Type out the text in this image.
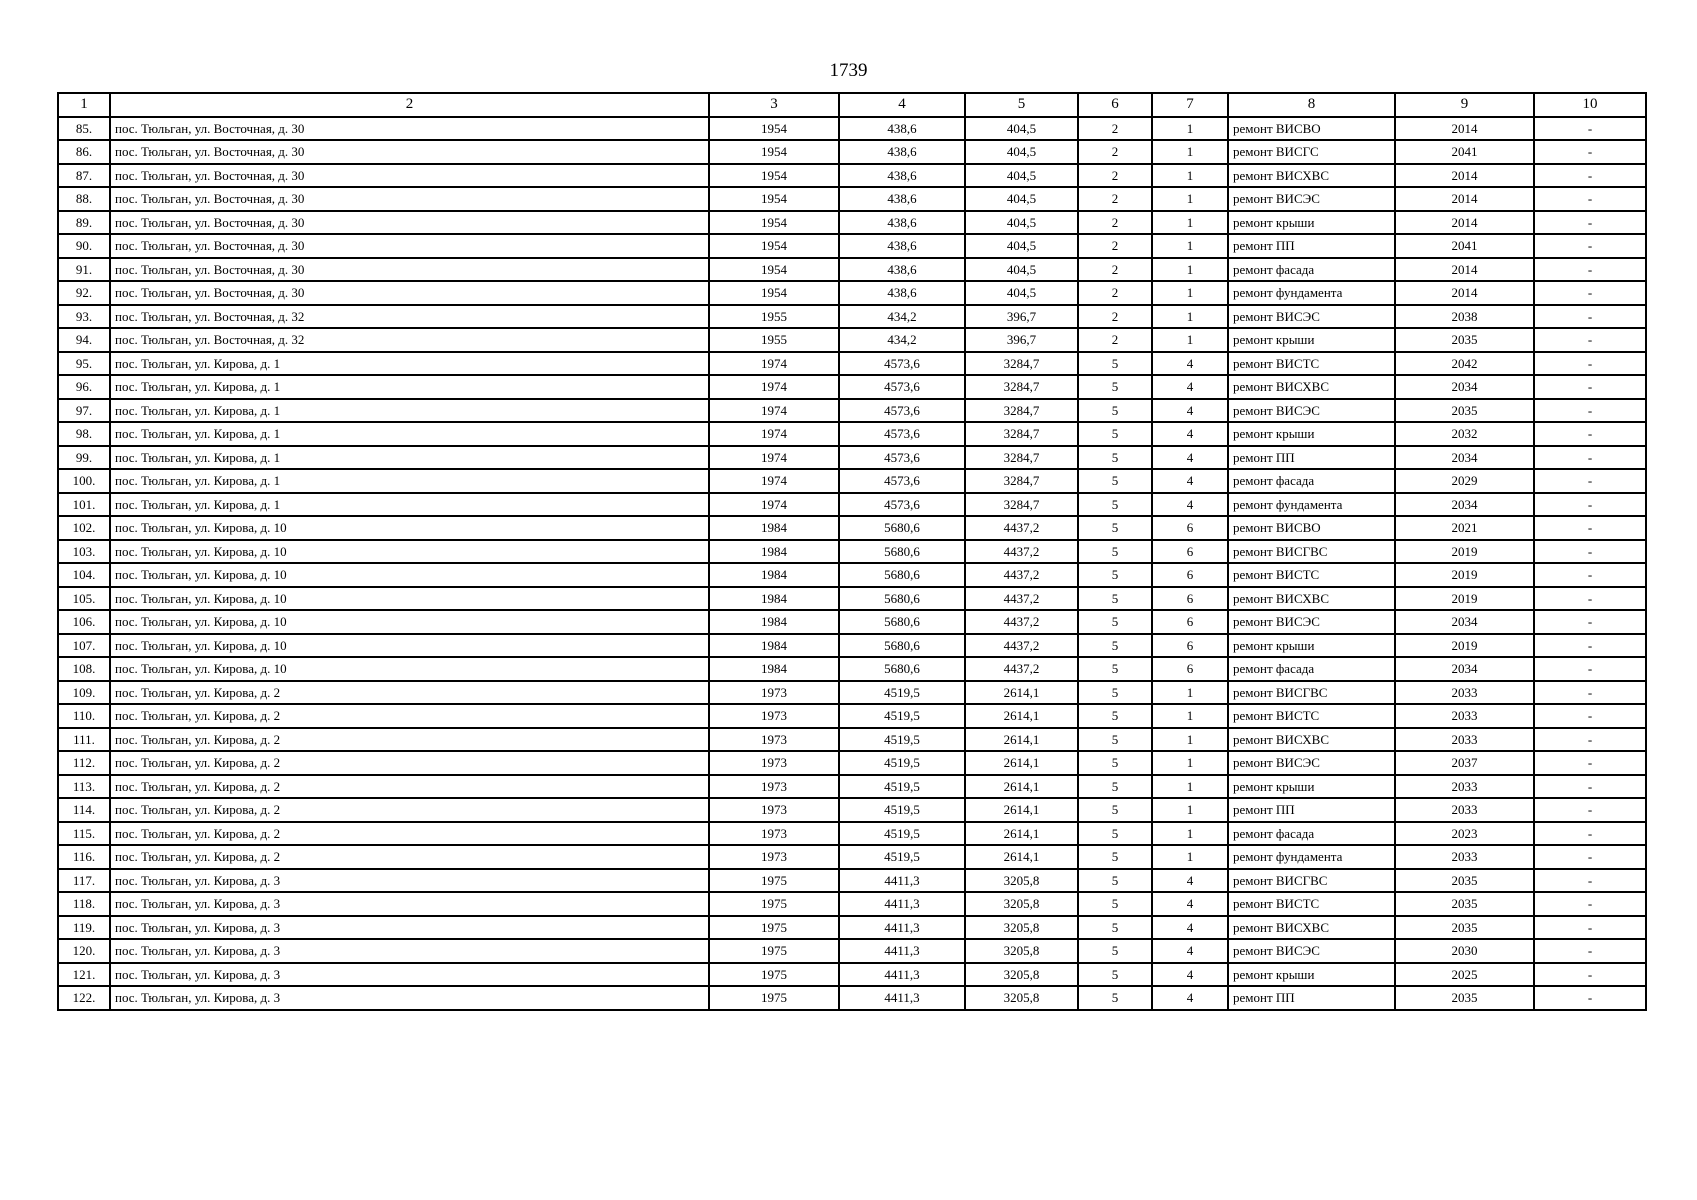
1739
1	2	3	4	5	6	7	8	9	10
85.	пос. Тюльган, ул. Восточная, д. 30	1954	438,6	404,5	2	1	ремонт ВИСВО	2014	-
86.	пос. Тюльган, ул. Восточная, д. 30	1954	438,6	404,5	2	1	ремонт ВИСГС	2041	-
87.	пос. Тюльган, ул. Восточная, д. 30	1954	438,6	404,5	2	1	ремонт ВИСХВС	2014	-
88.	пос. Тюльган, ул. Восточная, д. 30	1954	438,6	404,5	2	1	ремонт ВИСЭС	2014	-
89.	пос. Тюльган, ул. Восточная, д. 30	1954	438,6	404,5	2	1	ремонт крыши	2014	-
90.	пос. Тюльган, ул. Восточная, д. 30	1954	438,6	404,5	2	1	ремонт ПП	2041	-
91.	пос. Тюльган, ул. Восточная, д. 30	1954	438,6	404,5	2	1	ремонт фасада	2014	-
92.	пос. Тюльган, ул. Восточная, д. 30	1954	438,6	404,5	2	1	ремонт фундамента	2014	-
93.	пос. Тюльган, ул. Восточная, д. 32	1955	434,2	396,7	2	1	ремонт ВИСЭС	2038	-
94.	пос. Тюльган, ул. Восточная, д. 32	1955	434,2	396,7	2	1	ремонт крыши	2035	-
95.	пос. Тюльган, ул. Кирова, д. 1	1974	4573,6	3284,7	5	4	ремонт ВИСТС	2042	-
96.	пос. Тюльган, ул. Кирова, д. 1	1974	4573,6	3284,7	5	4	ремонт ВИСХВС	2034	-
97.	пос. Тюльган, ул. Кирова, д. 1	1974	4573,6	3284,7	5	4	ремонт ВИСЭС	2035	-
98.	пос. Тюльган, ул. Кирова, д. 1	1974	4573,6	3284,7	5	4	ремонт крыши	2032	-
99.	пос. Тюльган, ул. Кирова, д. 1	1974	4573,6	3284,7	5	4	ремонт ПП	2034	-
100.	пос. Тюльган, ул. Кирова, д. 1	1974	4573,6	3284,7	5	4	ремонт фасада	2029	-
101.	пос. Тюльган, ул. Кирова, д. 1	1974	4573,6	3284,7	5	4	ремонт фундамента	2034	-
102.	пос. Тюльган, ул. Кирова, д. 10	1984	5680,6	4437,2	5	6	ремонт ВИСВО	2021	-
103.	пос. Тюльган, ул. Кирова, д. 10	1984	5680,6	4437,2	5	6	ремонт ВИСГВС	2019	-
104.	пос. Тюльган, ул. Кирова, д. 10	1984	5680,6	4437,2	5	6	ремонт ВИСТС	2019	-
105.	пос. Тюльган, ул. Кирова, д. 10	1984	5680,6	4437,2	5	6	ремонт ВИСХВС	2019	-
106.	пос. Тюльган, ул. Кирова, д. 10	1984	5680,6	4437,2	5	6	ремонт ВИСЭС	2034	-
107.	пос. Тюльган, ул. Кирова, д. 10	1984	5680,6	4437,2	5	6	ремонт крыши	2019	-
108.	пос. Тюльган, ул. Кирова, д. 10	1984	5680,6	4437,2	5	6	ремонт фасада	2034	-
109.	пос. Тюльган, ул. Кирова, д. 2	1973	4519,5	2614,1	5	1	ремонт ВИСГВС	2033	-
110.	пос. Тюльган, ул. Кирова, д. 2	1973	4519,5	2614,1	5	1	ремонт ВИСТС	2033	-
111.	пос. Тюльган, ул. Кирова, д. 2	1973	4519,5	2614,1	5	1	ремонт ВИСХВС	2033	-
112.	пос. Тюльган, ул. Кирова, д. 2	1973	4519,5	2614,1	5	1	ремонт ВИСЭС	2037	-
113.	пос. Тюльган, ул. Кирова, д. 2	1973	4519,5	2614,1	5	1	ремонт крыши	2033	-
114.	пос. Тюльган, ул. Кирова, д. 2	1973	4519,5	2614,1	5	1	ремонт ПП	2033	-
115.	пос. Тюльган, ул. Кирова, д. 2	1973	4519,5	2614,1	5	1	ремонт фасада	2023	-
116.	пос. Тюльган, ул. Кирова, д. 2	1973	4519,5	2614,1	5	1	ремонт фундамента	2033	-
117.	пос. Тюльган, ул. Кирова, д. 3	1975	4411,3	3205,8	5	4	ремонт ВИСГВС	2035	-
118.	пос. Тюльган, ул. Кирова, д. 3	1975	4411,3	3205,8	5	4	ремонт ВИСТС	2035	-
119.	пос. Тюльган, ул. Кирова, д. 3	1975	4411,3	3205,8	5	4	ремонт ВИСХВС	2035	-
120.	пос. Тюльган, ул. Кирова, д. 3	1975	4411,3	3205,8	5	4	ремонт ВИСЭС	2030	-
121.	пос. Тюльган, ул. Кирова, д. 3	1975	4411,3	3205,8	5	4	ремонт крыши	2025	-
122.	пос. Тюльган, ул. Кирова, д. 3	1975	4411,3	3205,8	5	4	ремонт ПП	2035	-
